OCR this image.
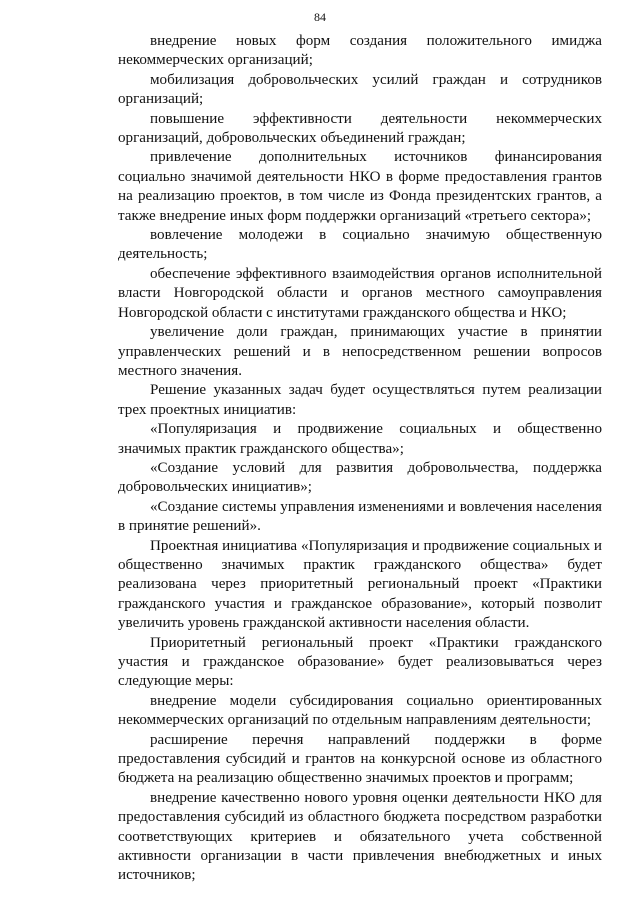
84

внедрение новых форм создания положительного имиджа некоммерческих организаций;

мобилизация добровольческих усилий граждан и сотрудников организаций;

повышение эффективности деятельности некоммерческих организаций, добровольческих объединений граждан;

привлечение дополнительных источников финансирования социально значимой деятельности НКО в форме предоставления грантов на реализацию проектов, в том числе из Фонда президентских грантов, а также внедрение иных форм поддержки организаций «третьего сектора»;

вовлечение молодежи в социально значимую общественную деятельность;

обеспечение эффективного взаимодействия органов исполнительной власти Новгородской области и органов местного самоуправления Новгородской области с институтами гражданского общества и НКО;

увеличение доли граждан, принимающих участие в принятии управленческих решений и в непосредственном решении вопросов местного значения.

Решение указанных задач будет осуществляться путем реализации трех проектных инициатив:

«Популяризация и продвижение социальных и общественно значимых практик гражданского общества»;

«Создание условий для развития добровольчества, поддержка добровольческих инициатив»;

«Создание системы управления изменениями и вовлечения населения в принятие решений».

Проектная инициатива «Популяризация и продвижение социальных и общественно значимых практик гражданского общества» будет реализована через приоритетный региональный проект «Практики гражданского участия и гражданское образование», который позволит увеличить уровень гражданской активности населения области.

Приоритетный региональный проект «Практики гражданского участия и гражданское образование» будет реализовываться через следующие меры:

внедрение модели субсидирования социально ориентированных некоммерческих организаций по отдельным направлениям деятельности;

расширение перечня направлений поддержки в форме предоставления субсидий и грантов на конкурсной основе из областного бюджета на реализацию общественно значимых проектов и программ;

внедрение качественно нового уровня оценки деятельности НКО для предоставления субсидий из областного бюджета посредством разработки соответствующих критериев и обязательного учета собственной активности организации в части привлечения внебюджетных и иных источников;
